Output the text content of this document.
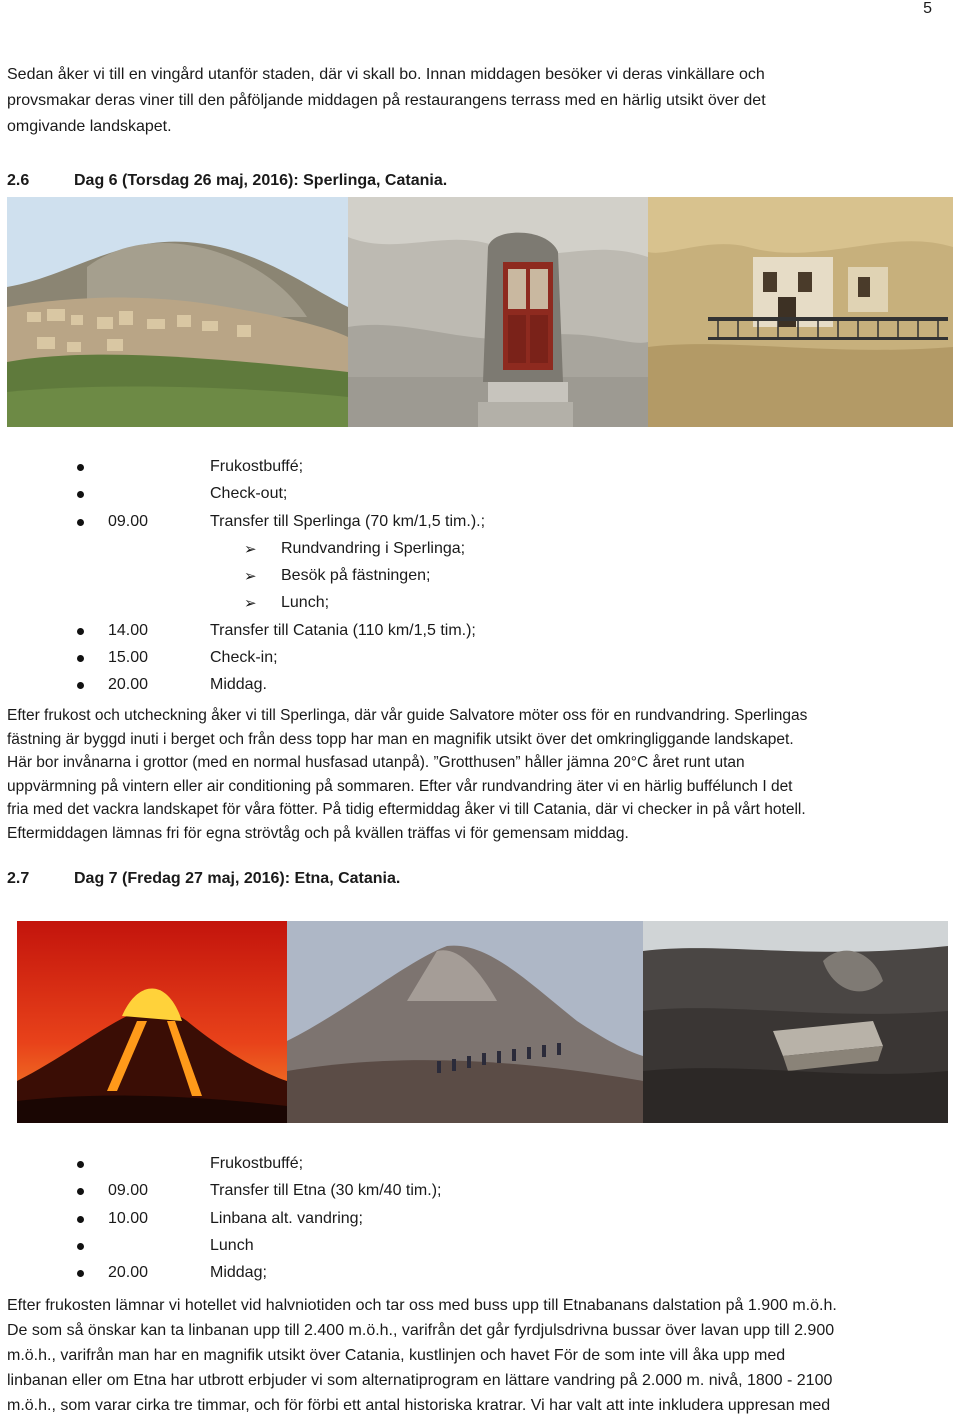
5
Sedan åker vi till en vingård utanför staden, där vi skall bo. Innan middagen besöker vi deras vinkällare och
provsmakar deras viner till den påföljande middagen på restaurangens terrass med en härlig utsikt över det
omgivande landskapet.
2.6	Dag 6 (Torsdag 26 maj, 2016): Sperlinga, Catania.
Frukostbuffé;
Check-out;
09.00	Transfer till Sperlinga (70 km/1,5 tim.).;
➢ Rundvandring i Sperlinga;
➢ Besök på fästningen;
➢ Lunch;
14.00	Transfer till Catania (110 km/1,5 tim.);
15.00	Check-in;
20.00	Middag.
Efter frukost och utcheckning åker vi till Sperlinga, där vår guide Salvatore möter oss för en rundvandring. Sperlingas
fästning är byggd inuti i berget och från dess topp har man en magnifik utsikt över det omkringliggande landskapet.
Här bor invånarna i grottor (med en normal husfasad utanpå). ”Grotthusen” håller jämna 20°C året runt utan
uppvärmning på vintern eller air conditioning på sommaren. Efter vår rundvandring äter vi en härlig buffélunch I det
fria med det vackra landskapet för våra fötter. På tidig eftermiddag åker vi till Catania, där vi checker in på vårt hotell.
Eftermiddagen lämnas fri för egna strövtåg och på kvällen träffas vi för gemensam middag.
2.7	Dag 7 (Fredag 27 maj, 2016): Etna, Catania.
Frukostbuffé;
09.00	Transfer till Etna (30 km/40 tim.);
10.00	Linbana alt. vandring;
Lunch
20.00	Middag;
Efter frukosten lämnar vi hotellet vid halvniotiden och tar oss med buss upp till Etnabanans dalstation på 1.900 m.ö.h.
De som så önskar kan ta linbanan upp till 2.400 m.ö.h., varifrån det går fyrdjulsdrivna bussar över lavan upp till 2.900
m.ö.h., varifrån man har en magnifik utsikt över Catania, kustlinjen och havet För de som inte vill åka upp med
linbanan eller om Etna har utbrott erbjuder vi som alternatiprogram en lättare vandring på 2.000 m. nivå, 1800 - 2100
m.ö.h., som varar cirka tre timmar, och för förbi ett antal historiska kratrar. Vi har valt att inte inkludera uppresan med
